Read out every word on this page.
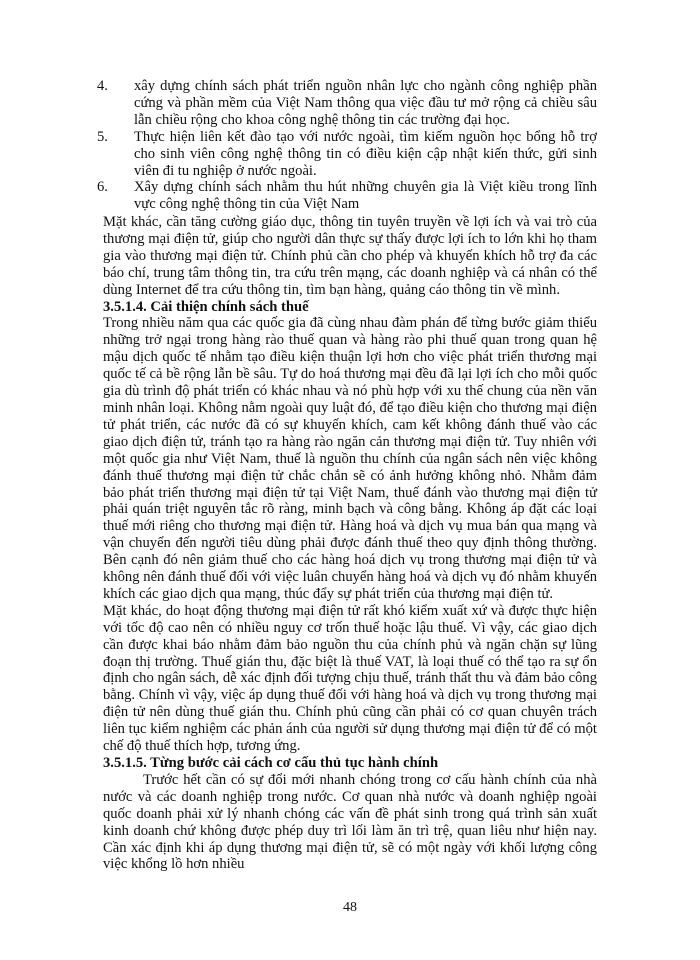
4.	xây dựng chính sách phát triển nguồn nhân lực cho ngành công nghiệp phần cứng và phần mềm của Việt Nam thông qua việc đầu tư mở rộng cả chiều sâu lẫn chiều rộng cho khoa công nghệ thông tin các trường đại học.
5.	Thực hiện liên kết đào tạo với nước ngoài, tìm kiếm nguồn học bổng hỗ trợ cho sinh viên công nghệ thông tin có điều kiện cập nhật kiến thức, gửi sinh viên đi tu nghiệp ở nước ngoài.
6.	Xây dựng chính sách nhằm thu hút những chuyên gia là Việt kiều trong lĩnh vực công nghệ thông tin của Việt Nam

Mặt khác, cần tăng cường giáo dục, thông tin tuyên truyền về lợi ích và vai trò của thương mại điện tử, giúp cho người dân thực sự thấy được lợi ích to lớn khi họ tham gia vào thương mại điện tử. Chính phủ cần cho phép và khuyến khích hỗ trợ đa các báo chí, trung tâm thông tin, tra cứu trên mạng, các doanh nghiệp và cá nhân có thể dùng Internet để tra cứu thông tin, tìm bạn hàng, quảng cáo thông tin về mình.

3.5.1.4. Cải thiện chính sách thuế

Trong nhiều năm qua các quốc gia đã cùng nhau đàm phán để từng bước giảm thiểu những trở ngại trong hàng rào thuế quan và hàng rào phi thuế quan trong quan hệ mậu dịch quốc tế nhằm tạo điều kiện thuận lợi hơn cho việc phát triển thương mại quốc tế cả bề rộng lẫn bề sâu. Tự do hoá thương mại đều đã lại lợi ích cho mỗi quốc gia dù trình độ phát triển có khác nhau và nó phù hợp với xu thế chung của nền văn minh nhân loại. Không nằm ngoài quy luật đó, để tạo điều kiện cho thương mại điện tử phát triển, các nước đã có sự khuyến khích, cam kết không đánh thuế vào các giao dịch điện tử, tránh tạo ra hàng rào ngăn cản thương mại điện tử. Tuy nhiên với một quốc gia như Việt Nam, thuế là nguồn thu chính của ngân sách nên việc không đánh thuế thương mại điện tử chắc chắn sẽ có ảnh hưởng không nhỏ. Nhằm đảm bảo phát triển thương mại điện tử tại Việt Nam, thuế đánh vào thương mại điện tử phải quán triệt nguyên tắc rõ ràng, minh bạch và công bằng. Không áp đặt các loại thuế mới riêng cho thương mại điện tử. Hàng hoá và dịch vụ mua bán qua mạng và vận chuyển đến người tiêu dùng phải được đánh thuế theo quy định thông thường. Bên cạnh đó nên giảm thuế cho các hàng hoá dịch vụ trong thương mại điện tử và không nên đánh thuế đối với việc luân chuyển hàng hoá và dịch vụ đó nhằm khuyến khích các giao dịch qua mạng, thúc đẩy sự phát triển của thương mại điện tử.

Mặt khác, do hoạt động thương mại điện tử rất khó kiểm xuất xứ và được thực hiện với tốc độ cao nên có nhiều nguy cơ trốn thuế hoặc lậu thuế. Vì vậy, các giao dịch cần được khai báo nhằm đảm bảo nguồn thu của chính phủ và ngăn chặn sự lũng đoạn thị trường. Thuế gián thu, đặc biệt là thuế VAT, là loại thuế có thể tạo ra sự ổn định cho ngân sách, dễ xác định đối tượng chịu thuế, tránh thất thu và đảm bảo công bằng. Chính vì vậy, việc áp dụng thuế đối với hàng hoá và dịch vụ trong thương mại điện tử nên dùng thuế gián thu. Chính phủ cũng cần phải có cơ quan chuyên trách liên tục kiểm nghiệm các phản ánh của người sử dụng thương mại điện tử để có một chế độ thuế thích hợp, tương ứng.

3.5.1.5. Từng bước cải cách cơ cấu thủ tục hành chính

Trước hết cần có sự đổi mới nhanh chóng trong cơ cấu hành chính của nhà nước và các doanh nghiệp trong nước. Cơ quan nhà nước và doanh nghiệp ngoài quốc doanh phải xử lý nhanh chóng các vấn đề phát sinh trong quá trình sản xuất kinh doanh chứ không được phép duy trì lối làm ăn trì trệ, quan liêu như hiện nay. Cần xác định khi áp dụng thương mại điện tử, sẽ có một ngày với khối lượng công việc khổng lồ hơn nhiều

48
